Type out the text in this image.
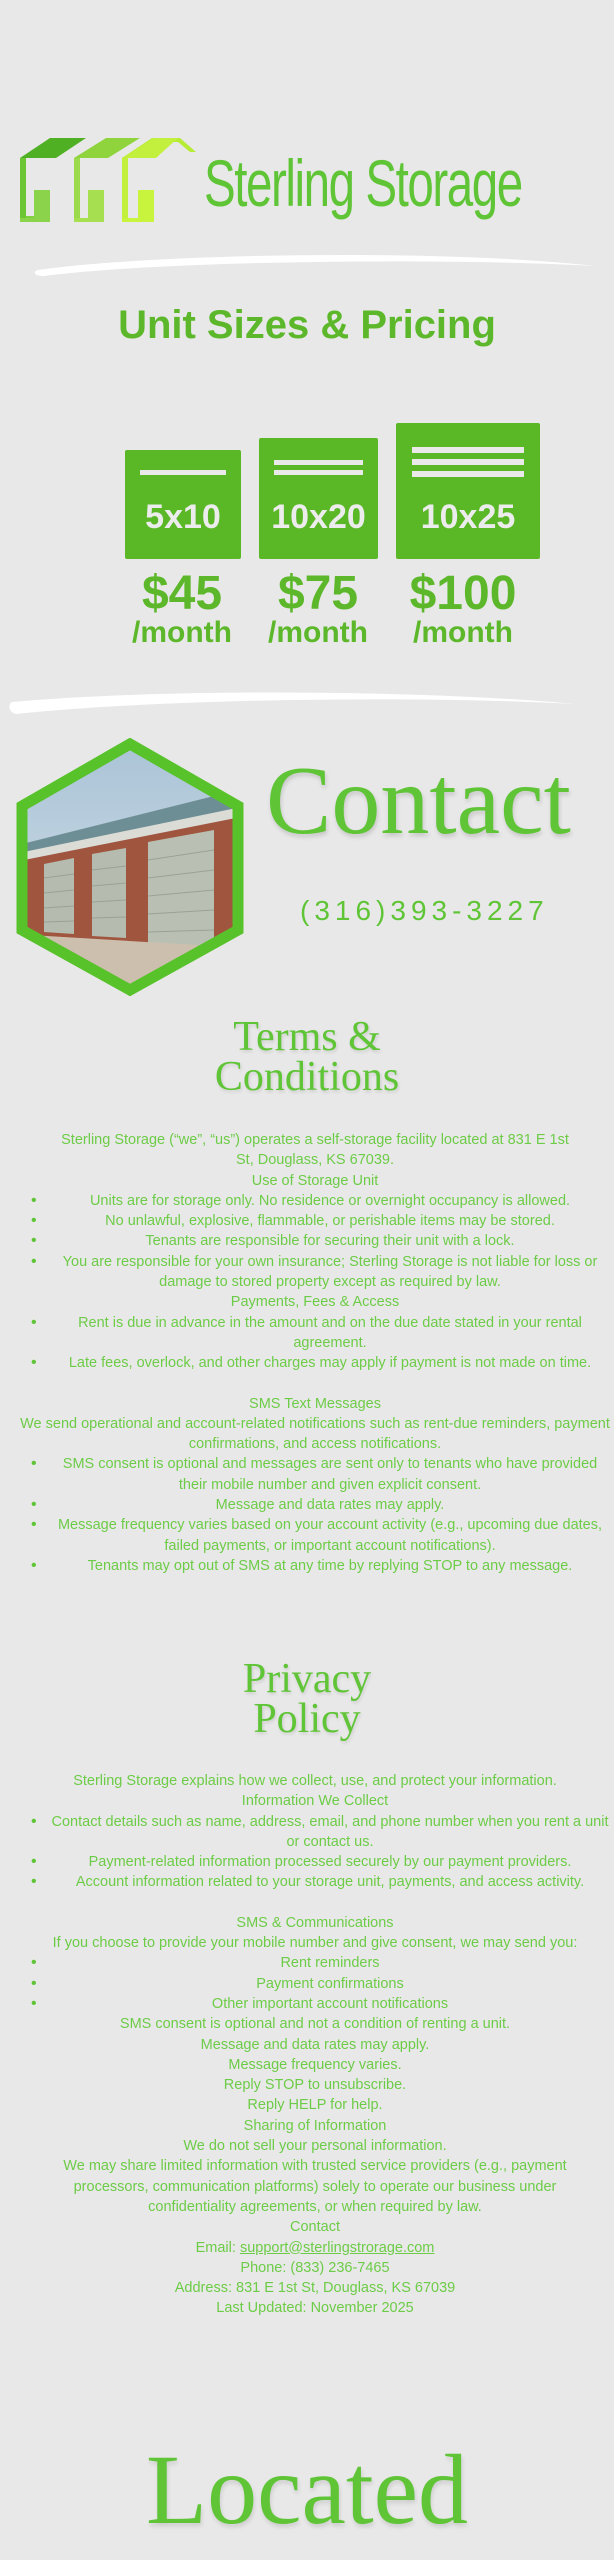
Sterling Storage
Unit Sizes & Pricing
5x10	10x20	10x25
$45
/month
$75
/month
$100
/month
Contact
(316)393-3227
Terms &
Conditions

Sterling Storage (“we”, “us”) operates a self-storage facility located at 831 E 1st St, Douglass, KS 67039.

Use of Storage Unit

• Units are for storage only. No residence or overnight occupancy is allowed.
• No unlawful, explosive, flammable, or perishable items may be stored.
• Tenants are responsible for securing their unit with a lock.
• You are responsible for your own insurance; Sterling Storage is not liable for loss or damage to stored property except as required by law.

Payments, Fees & Access

• Rent is due in advance in the amount and on the due date stated in your rental agreement.
• Late fees, overlock, and other charges may apply if payment is not made on time.

SMS Text Messages

We send operational and account-related notifications such as rent-due reminders, payment confirmations, and access notifications.

• SMS consent is optional and messages are sent only to tenants who have provided their mobile number and given explicit consent.
• Message and data rates may apply.
• Message frequency varies based on your account activity (e.g., upcoming due dates, failed payments, or important account notifications).
• Tenants may opt out of SMS at any time by replying STOP to any message.
Privacy
Policy

Sterling Storage explains how we collect, use, and protect your information.

Information We Collect

• Contact details such as name, address, email, and phone number when you rent a unit or contact us.
• Payment-related information processed securely by our payment providers.
• Account information related to your storage unit, payments, and access activity.

SMS & Communications

If you choose to provide your mobile number and give consent, we may send you:

• Rent reminders
• Payment confirmations
• Other important account notifications

SMS consent is optional and not a condition of renting a unit.

Message and data rates may apply.

Message frequency varies.

Reply STOP to unsubscribe.

Reply HELP for help.

Sharing of Information

We do not sell your personal information.

We may share limited information with trusted service providers (e.g., payment processors, communication platforms) solely to operate our business under confidentiality agreements, or when required by law.

Contact

Email: support@sterlingstrorage.com

Phone: (833) 236-7465

Address: 831 E 1st St, Douglass, KS 67039

Last Updated: November 2025

Located
